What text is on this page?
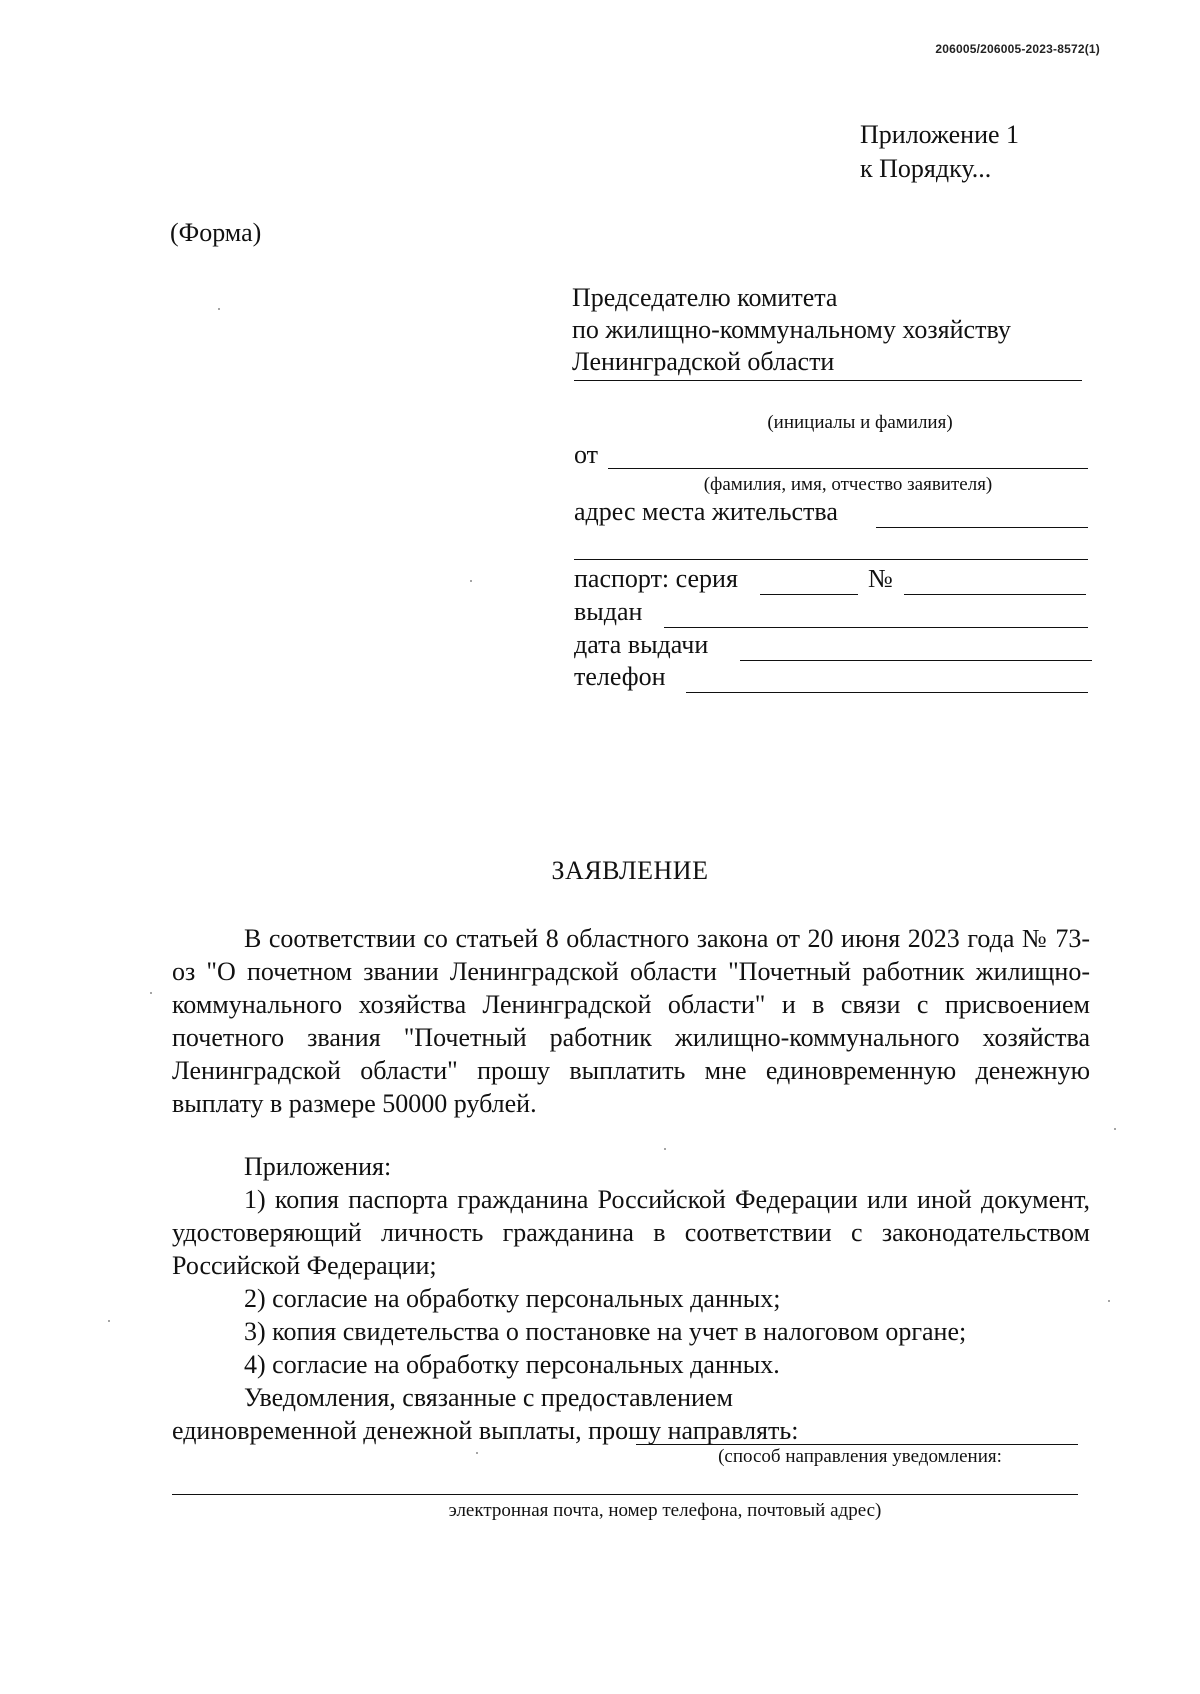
206005/206005-2023-8572(1)
Приложение 1
к Порядку...
(Форма)
Председателю комитета
по жилищно-коммунальному хозяйству
Ленинградской области
(инициалы и фамилия)
от
(фамилия, имя, отчество заявителя)
адрес места жительства
паспорт: серия	№
выдан
дата выдачи
телефон
ЗАЯВЛЕНИЕ

В соответствии со статьей 8 областного закона от 20 июня 2023 года № 73-оз "О почетном звании Ленинградской области "Почетный работник жилищно-коммунального хозяйства Ленинградской области" и в связи с присвоением почетного звания "Почетный работник жилищно-коммунального хозяйства Ленинградской области" прошу выплатить мне единовременную денежную выплату в размере 50000 рублей.

Приложения:

1) копия паспорта гражданина Российской Федерации или иной документ, удостоверяющий личность гражданина в соответствии с законодательством Российской Федерации;

2) согласие на обработку персональных данных;

3) копия свидетельства о постановке на учет в налоговом органе;

4) согласие на обработку персональных данных.

Уведомления, связанные с предоставлением единовременной денежной выплаты, прошу направлять:

(способ направления уведомления:
электронная почта, номер телефона, почтовый адрес)
